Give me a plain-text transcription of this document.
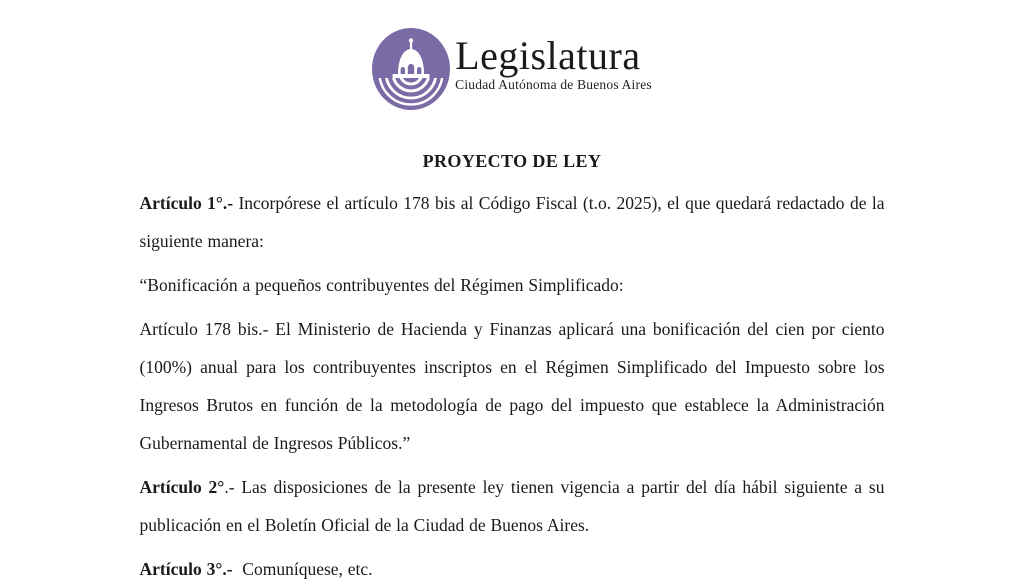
Legislatura
Ciudad Autónoma de Buenos Aires
PROYECTO DE LEY

Artículo 1°.- Incorpórese el artículo 178 bis al Código Fiscal (t.o. 2025), el que quedará redactado de la siguiente manera:

“Bonificación a pequeños contribuyentes del Régimen Simplificado:

Artículo 178 bis.- El Ministerio de Hacienda y Finanzas aplicará una bonificación del cien por ciento (100%) anual para los contribuyentes inscriptos en el Régimen Simplificado del Impuesto sobre los Ingresos Brutos en función de la metodología de pago del impuesto que establece la Administración Gubernamental de Ingresos Públicos.”

Artículo 2°.- Las disposiciones de la presente ley tienen vigencia a partir del día hábil siguiente a su publicación en el Boletín Oficial de la Ciudad de Buenos Aires.

Artículo 3°.-  Comuníquese, etc.
